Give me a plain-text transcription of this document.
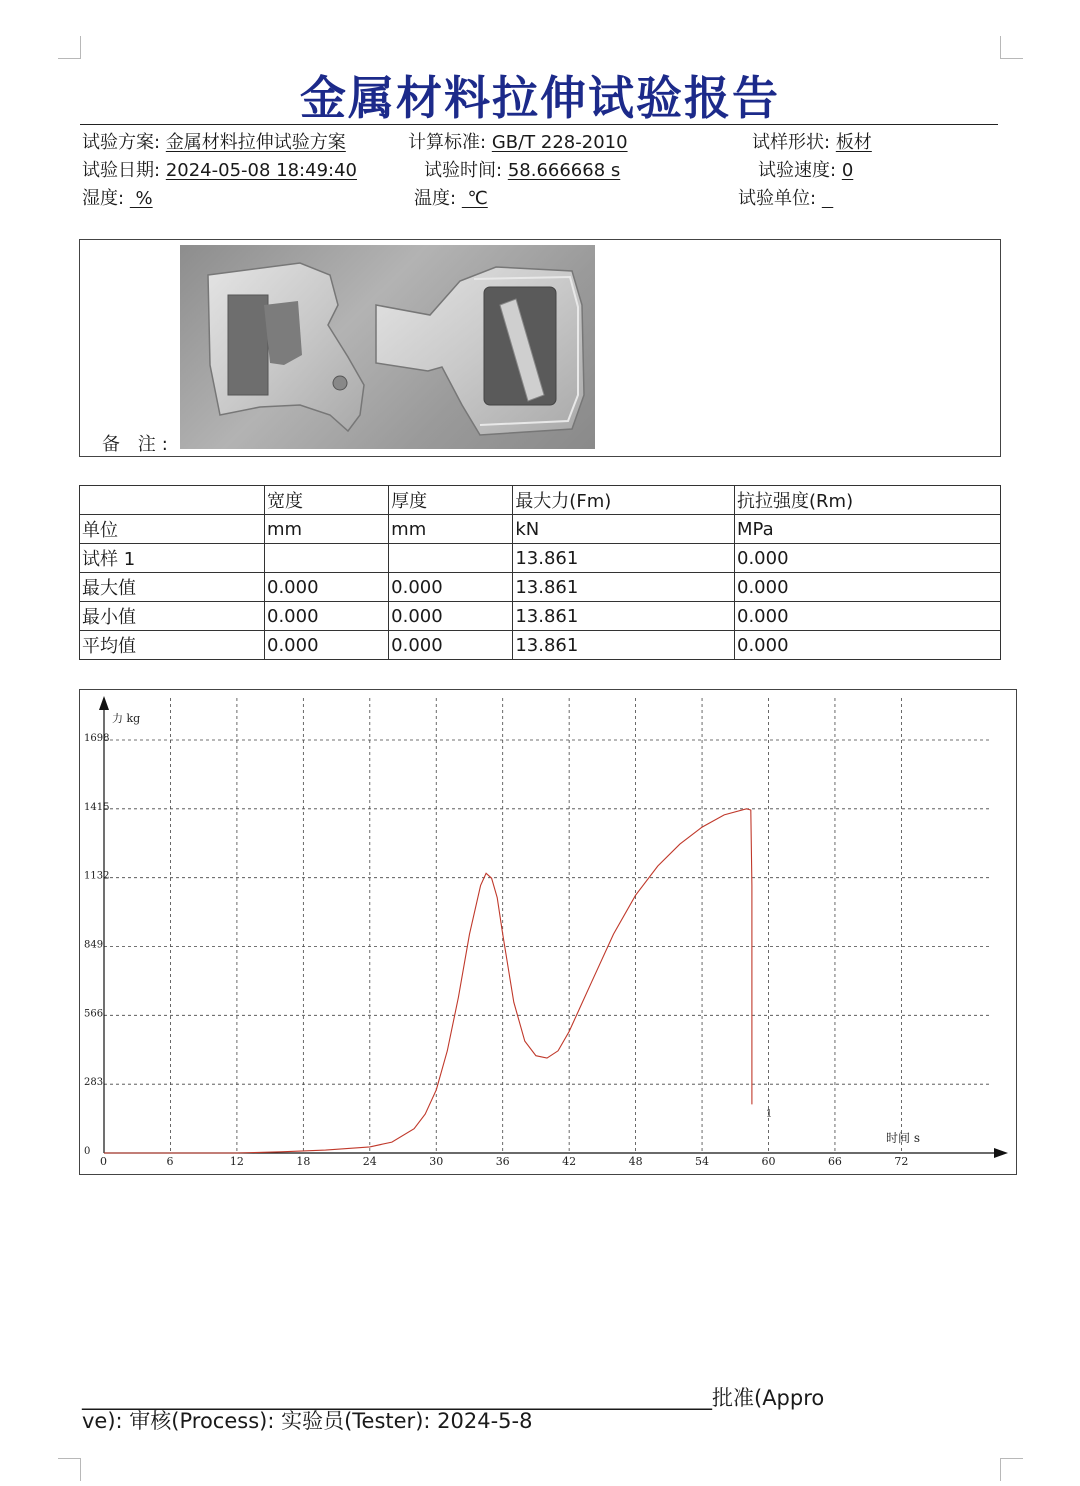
金属材料拉伸试验报告
试验方案: 金属材料拉伸试验方案	计算标准: GB/T 228-2010	试样形状: 板材
试验日期: 2024-05-08 18:49:40	试验时间: 58.666668 s	试验速度: 0
湿度:  %	温度:  ℃	试验单位:
备 注:
	宽度	厚度	最大力(Fm)	抗拉强度(Rm)
单位	mm	mm	kN	MPa
试样 1			13.861	0.000
最大值	0.000	0.000	13.861	0.000
最小值	0.000	0.000	13.861	0.000
平均值	0.000	0.000	13.861	0.000
0	6	12	18	24	30	36	42	48	54	60	66	72
0
283
566
849
1132
1415
1698
力 kg
时间 s
1
____________________________________________________________批准(Appro
ve): 审核(Process): 实验员(Tester): 2024-5-8
